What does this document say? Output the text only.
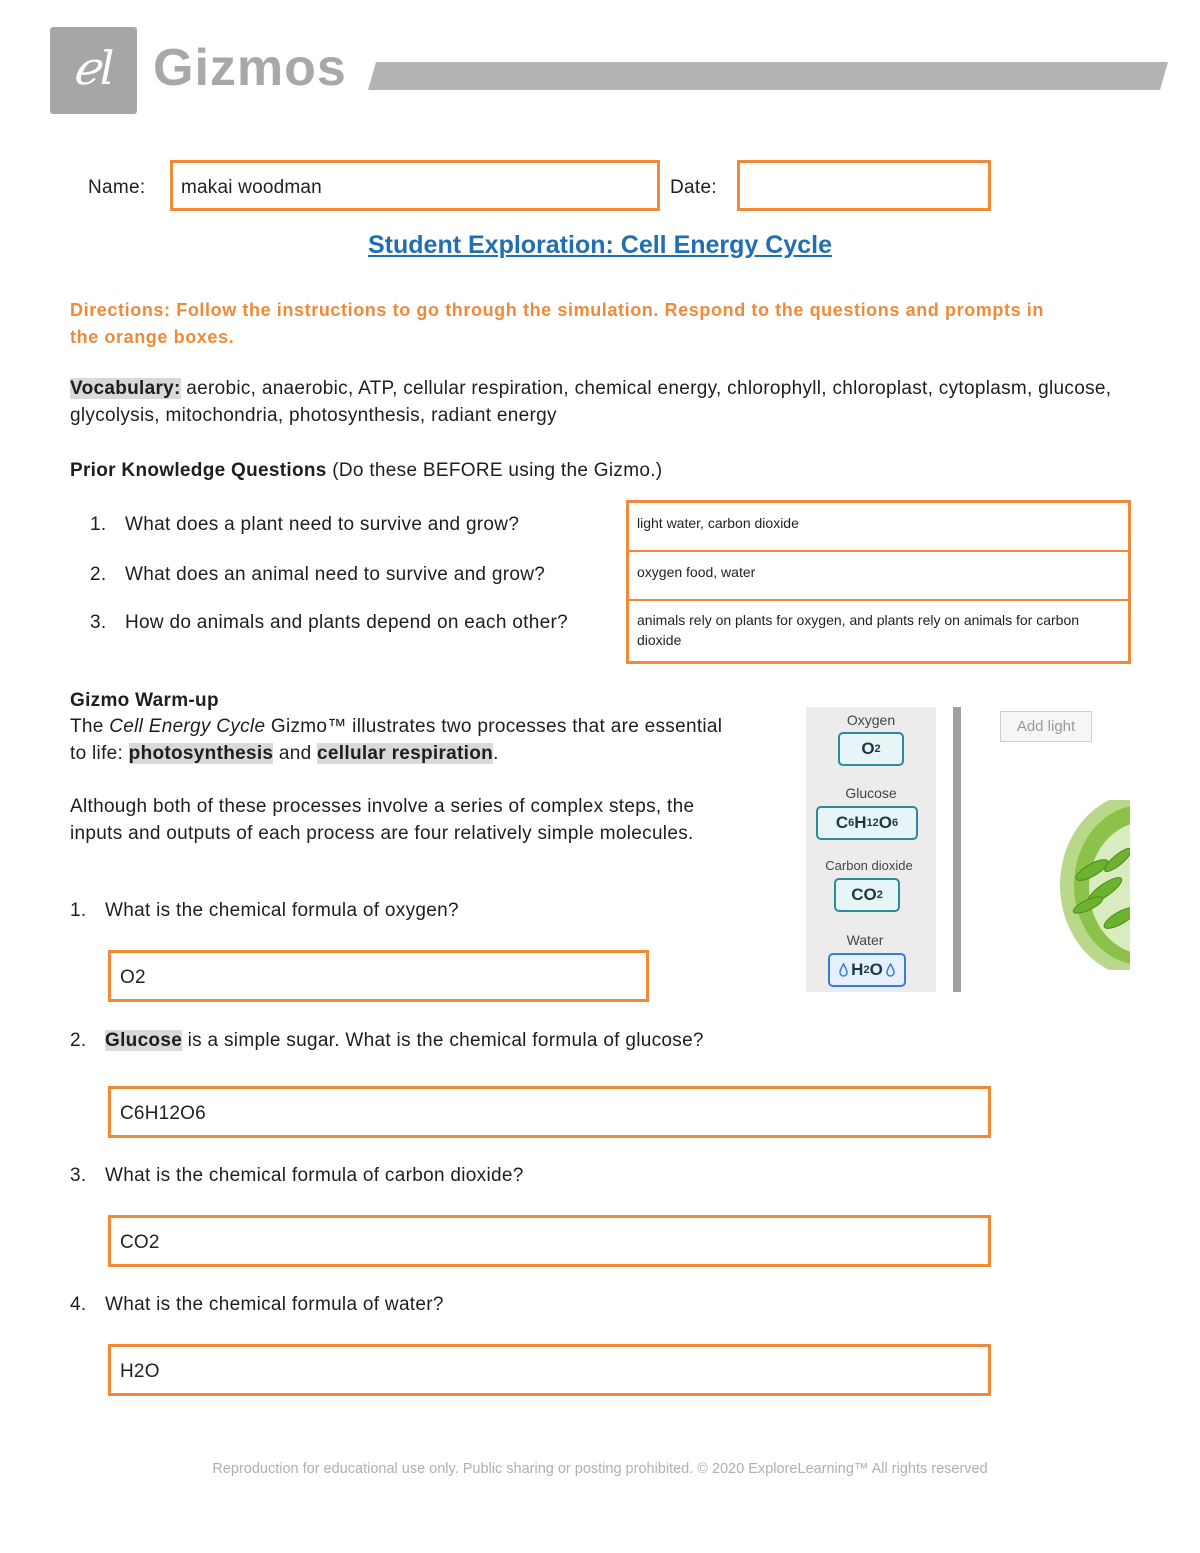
ℯl Gizmos
Name: makai woodman	Date:
Student Exploration: Cell Energy Cycle
Directions: Follow the instructions to go through the simulation. Respond to the questions and prompts in the orange boxes.
Vocabulary: aerobic, anaerobic, ATP, cellular respiration, chemical energy, chlorophyll, chloroplast, cytoplasm, glucose, glycolysis, mitochondria, photosynthesis, radiant energy
Prior Knowledge Questions (Do these BEFORE using the Gizmo.)
1. What does a plant need to survive and grow?
2. What does an animal need to survive and grow?
3. How do animals and plants depend on each other?
light water, carbon dioxide
oxygen food, water
animals rely on plants for oxygen, and plants rely on animals for carbon dioxide
Gizmo Warm-up
The Cell Energy Cycle Gizmo™ illustrates two processes that are essential to life: photosynthesis and cellular respiration.
Although both of these processes involve a series of complex steps, the inputs and outputs of each process are four relatively simple molecules.
1. What is the chemical formula of oxygen?
O2
2. Glucose is a simple sugar. What is the chemical formula of glucose?
C6H12O6
3. What is the chemical formula of carbon dioxide?
CO2
4. What is the chemical formula of water?
H2O
Oxygen
O 2
Glucose
C 6 H 12 O 6
Carbon dioxide
CO 2
Water
H 2 O
Add light
Reproduction for educational use only. Public sharing or posting prohibited. © 2020 ExploreLearning™ All rights reserved
